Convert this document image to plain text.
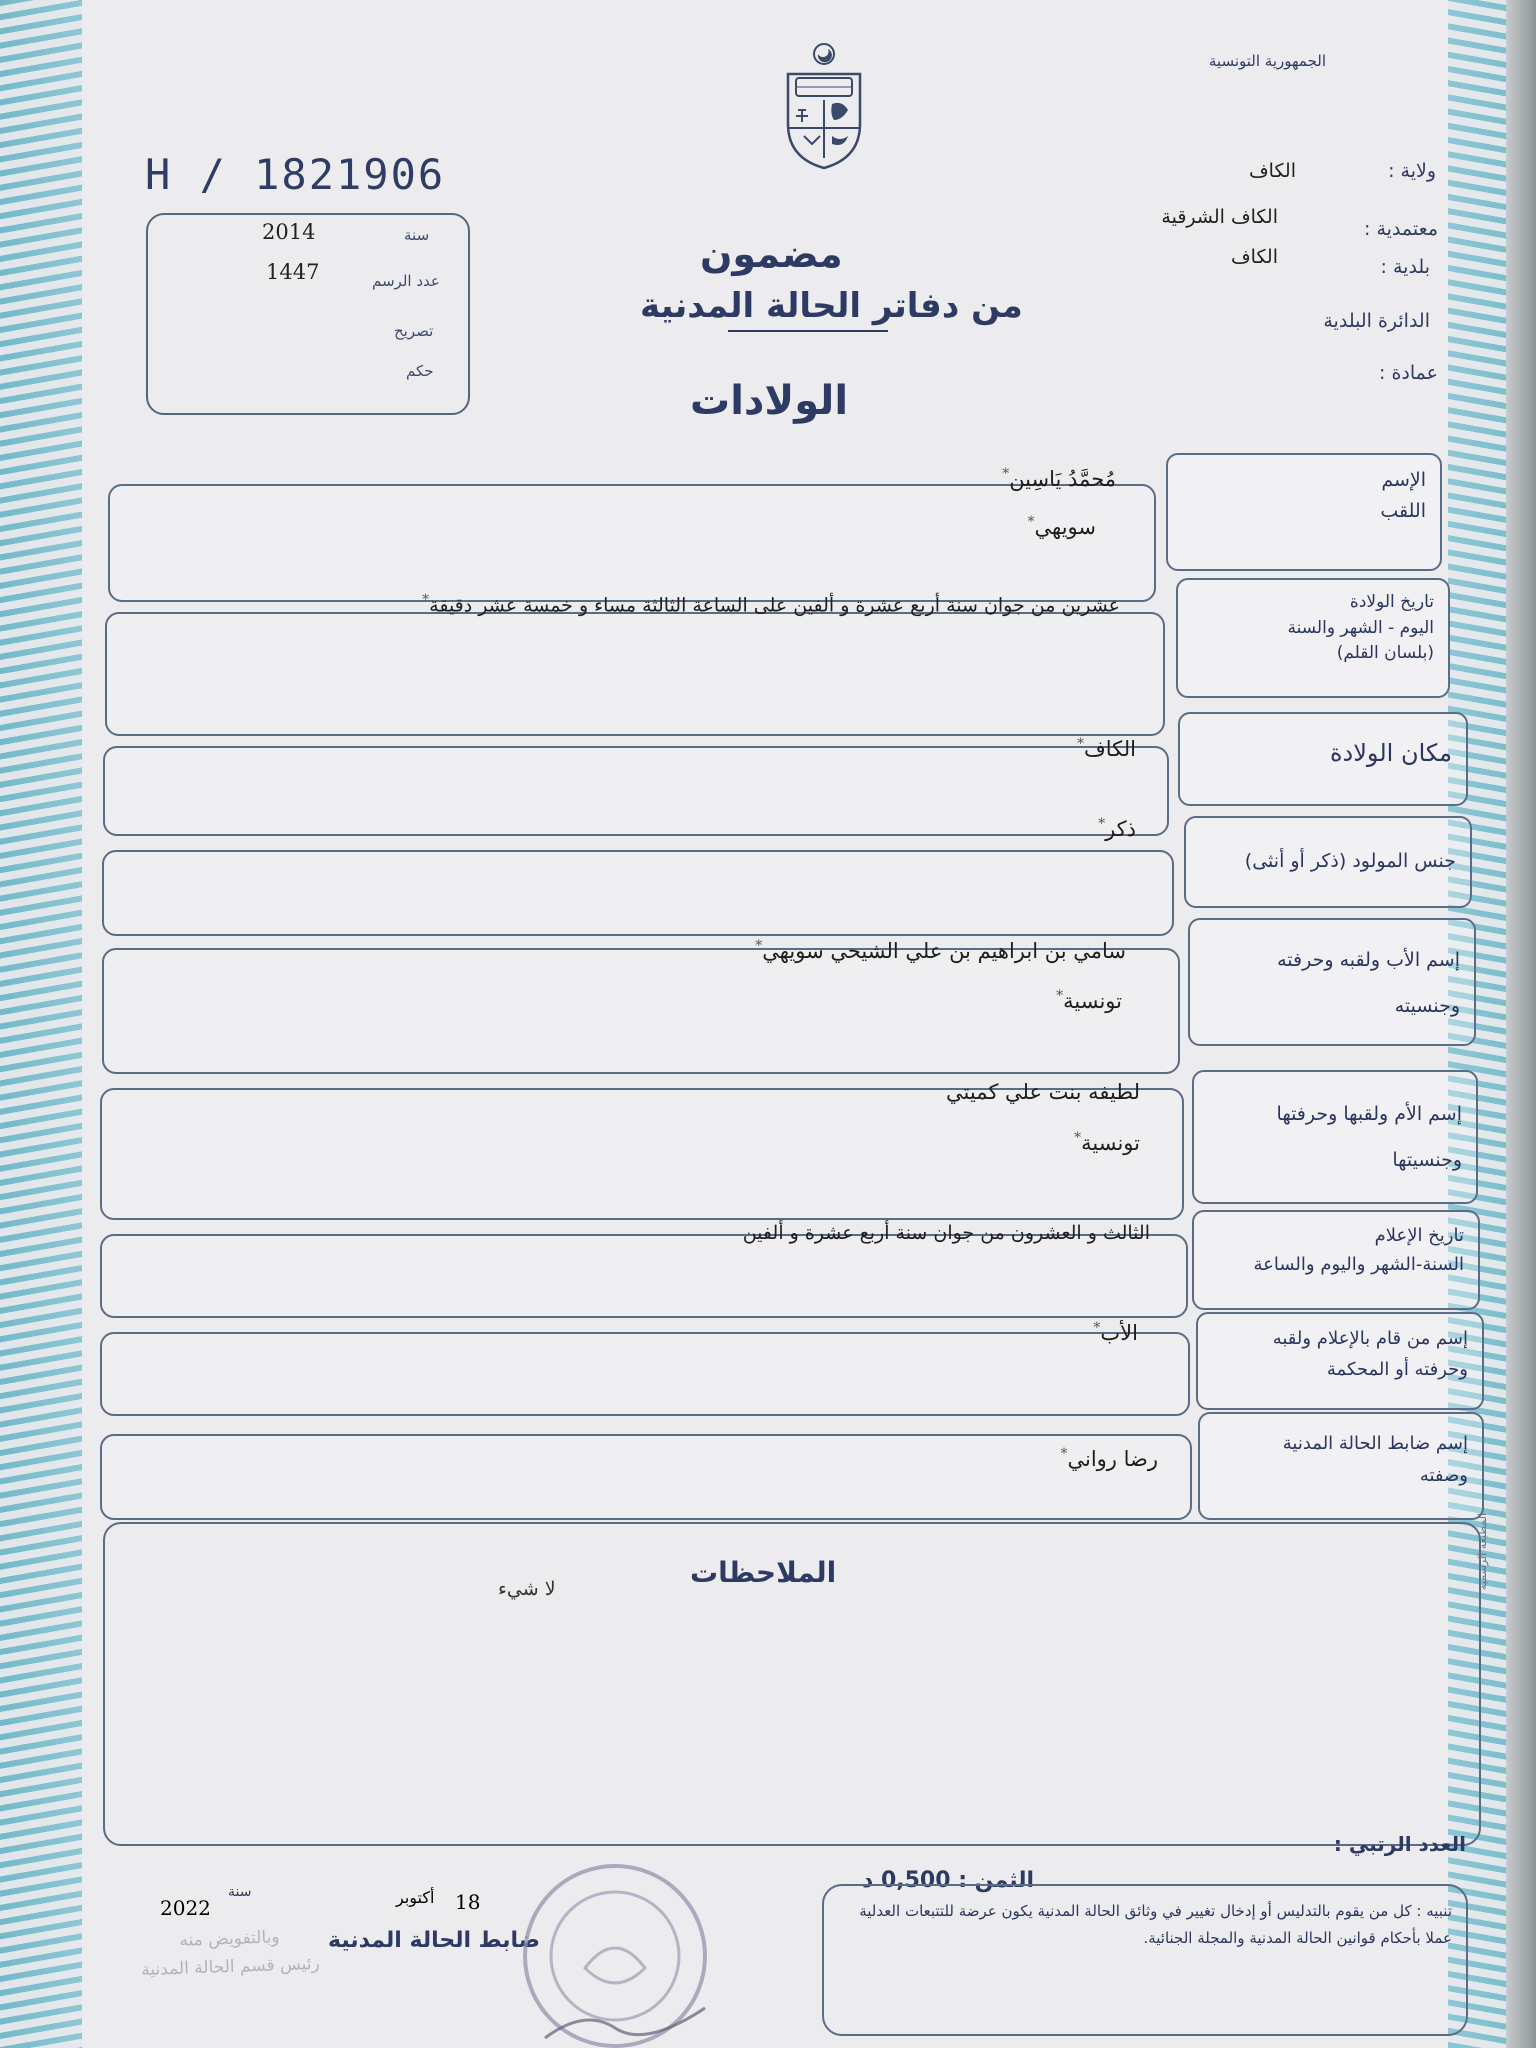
الجمهورية التونسية
H / 1821906
سنة
2014
عدد الرسم
1447
تصريح
حكم
مضمون
من دفاتر الحالة المدنية
الولادات
ولاية :
الكاف
معتمدية :
الكاف الشرقية
بلدية :
الكاف
الدائرة البلدية
عمادة :
الإسم
اللقب
مُحمَّدُ يَاسِين*
سويهي*
تاريخ الولادة
اليوم - الشهر والسنة
(بلسان القلم)
عشرين من جوان سنة أربع عشرة و ألفين على الساعة الثالثة مساء و خمسة عشر دقيقة*
مكان الولادة
الكاف*
جنس المولود (ذكر أو أنثى)
ذكر*
إسم الأب ولقبه وحرفته
وجنسيته
سامي بن ابراهيم بن علي الشيحي سويهي*
تونسية*
إسم الأم ولقبها وحرفتها
وجنسيتها
لطيفه بنت علي كميتي
تونسية*
تاريخ الإعلام
السنة-الشهر واليوم والساعة
الثالث و العشرون من جوان سنة أربع عشرة و ألفين
إسم من قام بالإعلام ولقبه
وحرفته أو المحكمة
الأب*
إسم ضابط الحالة المدنية
وصفته
رضا رواني*
الملاحظات
لا شيء	المطبعة الرسمية
العدد الرتبي :
الثمن : 0,500 د
تنبيه : كل من يقوم بالتدليس أو إدخال تغيير في وثائق الحالة المدنية يكون عرضة للتتبعات العدلية عملا بأحكام قوانين الحالة المدنية والمجلة الجنائية.
سنة
2022	18
أكتوبر
ضابط الحالة المدنية
وبالتفويض منه
رئيس قسم الحالة المدنية
